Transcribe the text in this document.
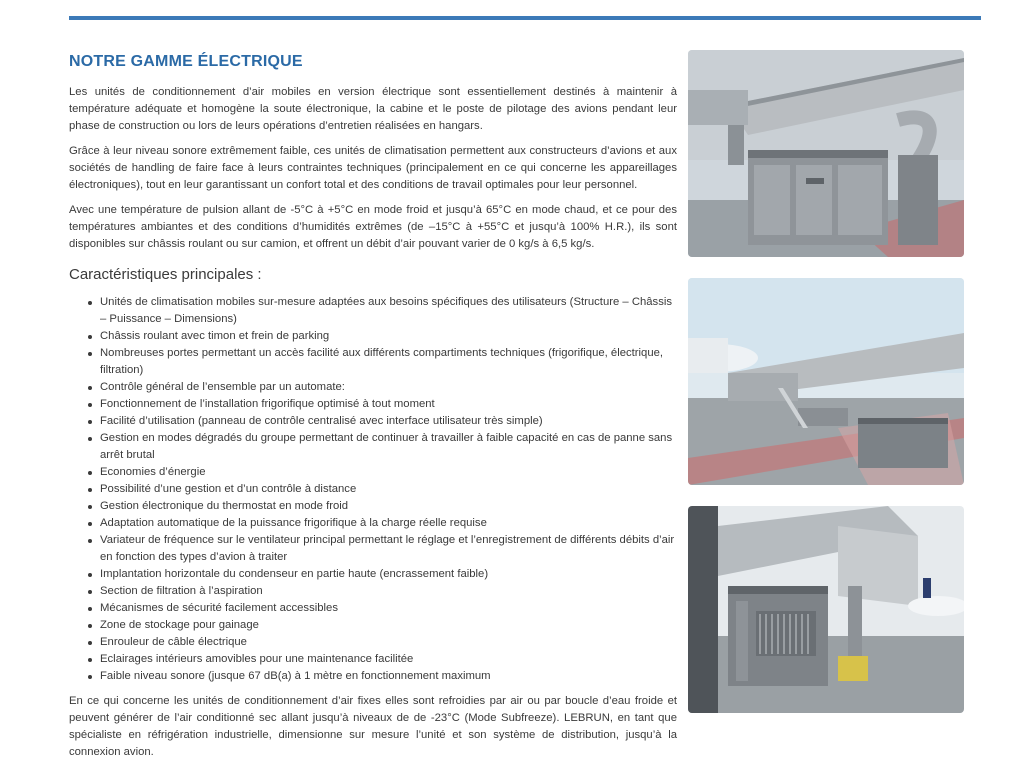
NOTRE GAMME ÉLECTRIQUE

Les unités de conditionnement d’air mobiles en version électrique sont essentiellement destinés à maintenir à température adéquate et homogène la soute électronique, la cabine et le poste de pilotage des avions pendant leur phase de construction ou lors de leurs opérations d’entretien réalisées en hangars.

Grâce à leur niveau sonore extrêmement faible, ces unités de climatisation permettent aux constructeurs d’avions et aux sociétés de handling de faire face à leurs contraintes techniques (principalement en ce qui concerne les appareillages électroniques), tout en leur garantissant un confort total et des conditions de travail optimales pour leur personnel.

Avec une température de pulsion allant de -5°C à +5°C en mode froid et jusqu’à 65°C en mode chaud, et ce pour des températures ambiantes et des conditions d’humidités extrêmes (de –15°C à +55°C et jusqu’à 100% H.R.), ils sont disponibles sur châssis roulant ou sur camion, et offrent un débit d’air pouvant varier de 0 kg/s à 6,5 kg/s.

Caractéristiques principales :
Unités de climatisation mobiles sur-mesure adaptées aux besoins spécifiques des utilisateurs (Structure – Châssis – Puissance – Dimensions)
Châssis roulant avec timon et frein de parking
Nombreuses portes permettant un accès facilité aux différents compartiments techniques (frigorifique, électrique, filtration)
Contrôle général de l’ensemble par un automate:
Fonctionnement de l’installation frigorifique optimisé à tout moment
Facilité d’utilisation (panneau de contrôle centralisé avec interface utilisateur très simple)
Gestion en modes dégradés du groupe permettant de continuer à travailler à faible capacité en cas de panne sans arrêt brutal
Economies d’énergie
Possibilité d’une gestion et d’un contrôle à distance
Gestion électronique du thermostat en mode froid
Adaptation automatique de la puissance frigorifique à la charge réelle requise
Variateur de fréquence sur le ventilateur principal permettant le réglage et l’enregistrement de différents débits d’air en fonction des types d’avion à traiter
Implantation horizontale du condenseur en partie haute (encrassement faible)
Section de filtration à l’aspiration
Mécanismes de sécurité facilement accessibles
Zone de stockage pour gainage
Enrouleur de câble électrique
Eclairages intérieurs amovibles pour une maintenance facilitée
Faible niveau sonore (jusque 67 dB(a) à 1 mètre en fonctionnement maximum

En ce qui concerne les unités de conditionnement d’air fixes elles sont refroidies par air ou par boucle d’eau froide et peuvent générer de l’air conditionné sec allant jusqu’à niveaux de de -23°C (Mode Subfreeze). LEBRUN, en tant que spécialiste en réfrigération industrielle, dimensionne sur mesure l’unité et son système de distribution, jusqu’à la connexion avion.
